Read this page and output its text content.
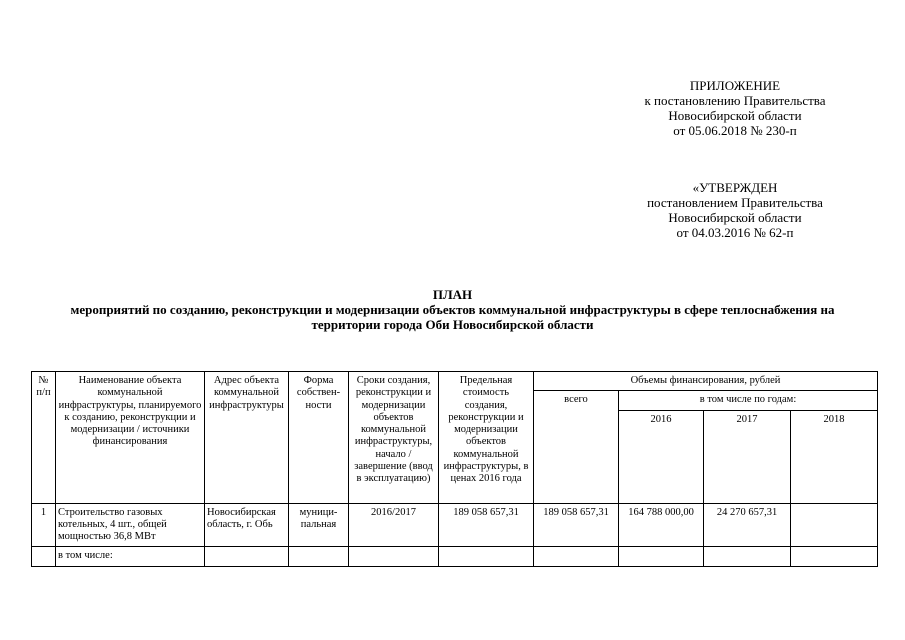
ПРИЛОЖЕНИЕ
к постановлению Правительства
Новосибирской области
от 05.06.2018 № 230-п
«УТВЕРЖДЕН
постановлением Правительства
Новосибирской области
от 04.03.2016 № 62-п
ПЛАН
мероприятий по созданию, реконструкции и модернизации объектов коммунальной инфраструктуры в сфере теплоснабжения на территории города Оби Новосибирской области
№ п/п	Наименование объекта коммунальной инфраструктуры, планируемого к созданию, реконструкции и модернизации / источники финансирования	Адрес объекта коммунальной инфраструктуры	Форма собствен-ности	Сроки создания, реконструкции и модернизации объектов коммунальной инфраструктуры, начало / завершение (ввод в эксплуатацию)	Предельная стоимость создания, реконструкции и модернизации объектов коммунальной инфраструктуры, в ценах 2016 года	Объемы финансирования, рублей			
						всего	в том числе по годам:		
							2016	2017	2018
1	Строительство газовых котельных, 4 шт., общей мощностью 36,8 МВт	Новосибирская область, г. Обь	муници-пальная	2016/2017	189 058 657,31	189 058 657,31	164 788 000,00	24 270 657,31	
	в том числе:								
